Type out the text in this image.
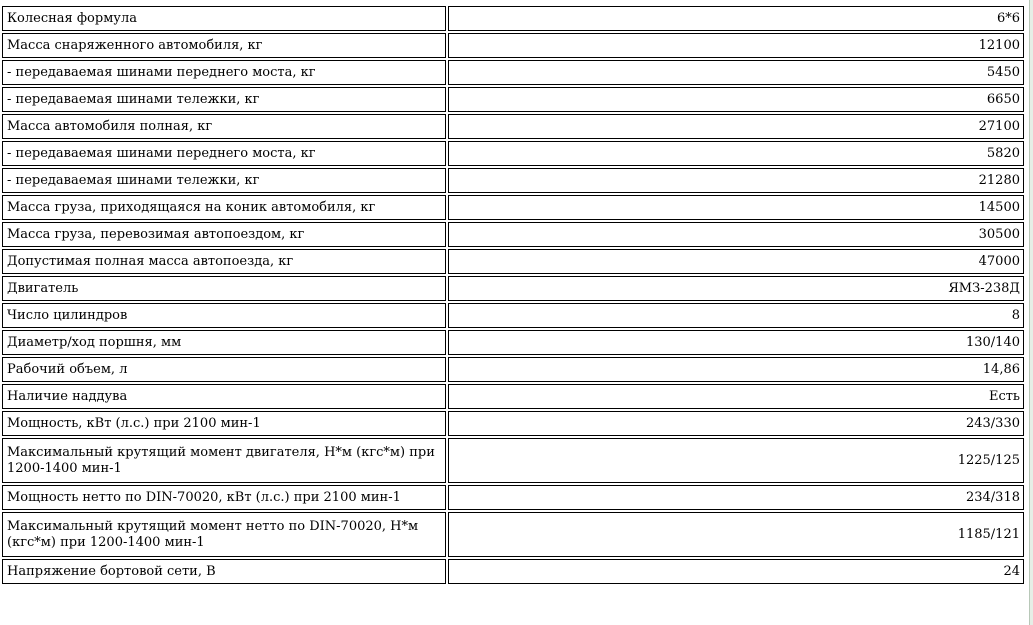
Колесная формула	6*6
Масса снаряженного автомобиля, кг	12100
- передаваемая шинами переднего моста, кг	5450
- передаваемая шинами тележки, кг	6650
Масса автомобиля полная, кг	27100
- передаваемая шинами переднего моста, кг	5820
- передаваемая шинами тележки, кг	21280
Масса груза, приходящаяся на коник автомобиля, кг	14500
Масса груза, перевозимая автопоездом, кг	30500
Допустимая полная масса автопоезда, кг	47000
Двигатель	ЯМЗ-238Д
Число цилиндров	8
Диаметр/ход поршня, мм	130/140
Рабочий объем, л	14,86
Наличие наддува	Есть
Мощность, кВт (л.с.) при 2100 мин-1	243/330
Максимальный крутящий момент двигателя, Н*м (кгс*м) при 1200-1400 мин-1	1225/125
Мощность нетто по DIN-70020, кВт (л.с.) при 2100 мин-1	234/318
Максимальный крутящий момент нетто по DIN-70020, Н*м (кгс*м) при 1200-1400 мин-1	1185/121
Напряжение бортовой сети, В	24
